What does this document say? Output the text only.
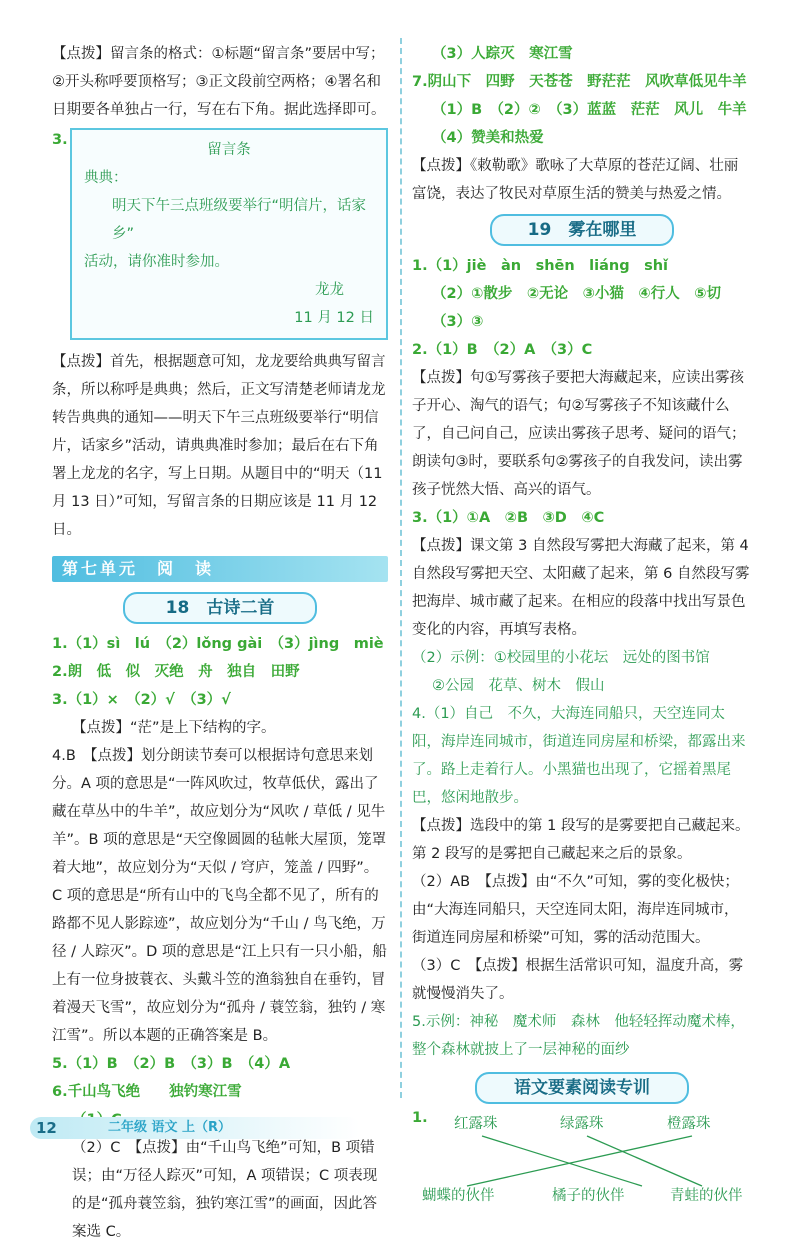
【点拨】留言条的格式：①标题“留言条”要居中写；②开头称呼要顶格写；③正文段前空两格；④署名和日期要各单独占一行，写在右下角。据此选择即可。

3.

留言条

典典：

明天下午三点班级要举行“明信片，话家乡”

活动，请你准时参加。

龙龙

11 月 12 日

【点拨】首先，根据题意可知，龙龙要给典典写留言条，所以称呼是典典；然后，正文写清楚老师请龙龙转告典典的通知——明天下午三点班级要举行“明信片，话家乡”活动，请典典准时参加；最后在右下角署上龙龙的名字，写上日期。从题目中的“明天（11 月 13 日）”可知，写留言条的日期应该是 11 月 12 日。

第七单元　阅　读
18　古诗二首

1.（1）sì　lú　（2）lǒng gài　（3）jìng　miè

2.朗　低　似　灭绝　舟　独自　田野

3.（1）×　（2）√　（3）√

【点拨】“茫”是上下结构的字。

4.B　【点拨】划分朗读节奏可以根据诗句意思来划分。A 项的意思是“一阵风吹过，牧草低伏，露出了藏在草丛中的牛羊”，故应划分为“风吹 / 草低 / 见牛羊”。B 项的意思是“天空像圆圆的毡帐大屋顶，笼罩着大地”，故应划分为“天似 / 穹庐，笼盖 / 四野”。C 项的意思是“所有山中的飞鸟全都不见了，所有的路都不见人影踪迹”，故应划分为“千山 / 鸟飞绝，万径 / 人踪灭”。D 项的意思是“江上只有一只小船，船上有一位身披蓑衣、头戴斗笠的渔翁独自在垂钓，冒着漫天飞雪”，故应划分为“孤舟 / 蓑笠翁，独钓 / 寒江雪”。所以本题的正确答案是 B。

5.（1）B　（2）B　（3）B　（4）A

6.千山鸟飞绝　　独钓寒江雪

（2）C　【点拨】由“千山鸟飞绝”可知，B 项错误；由“万径人踪灭”可知，A 项错误；C 项表现的是“孤舟蓑笠翁，独钓寒江雪”的画面，因此答案选 C。

（3）人踪灭　寒江雪

7.阴山下　四野　天苍苍　野茫茫　风吹草低见牛羊

（1）B　（2）②　（3）蓝蓝　茫茫　风儿　牛羊

（4）赞美和热爱

【点拨】《敕勒歌》歌咏了大草原的苍茫辽阔、壮丽富饶，表达了牧民对草原生活的赞美与热爱之情。

19　雾在哪里

1.（1）jiè　àn　shēn　liáng　shǐ

（2）①散步　②无论　③小猫　④行人　⑤切

（3）③

2.（1）B　（2）A　（3）C

【点拨】句①写雾孩子要把大海藏起来，应读出雾孩子开心、淘气的语气；句②写雾孩子不知该藏什么了，自己问自己，应读出雾孩子思考、疑问的语气；朗读句③时，要联系句②雾孩子的自我发问，读出雾孩子恍然大悟、高兴的语气。

3.（1）①A　②B　③D　④C

【点拨】课文第 3 自然段写雾把大海藏了起来，第 4 自然段写雾把天空、太阳藏了起来，第 6 自然段写雾把海岸、城市藏了起来。在相应的段落中找出写景色变化的内容，再填写表格。

（2）示例：①校园里的小花坛　远处的图书馆

②公园　花草、树木　假山

4.（1）自己　不久，大海连同船只，天空连同太阳，海岸连同城市，街道连同房屋和桥梁，都露出来了。路上走着行人。小黑猫也出现了，它摇着黑尾巴，悠闲地散步。

【点拨】选段中的第 1 段写的是雾要把自己藏起来。第 2 段写的是雾把自己藏起来之后的景象。

（2）AB　【点拨】由“不久”可知，雾的变化极快；由“大海连同船只，天空连同太阳，海岸连同城市，街道连同房屋和桥梁”可知，雾的活动范围大。

（3）C　【点拨】根据生活常识可知，温度升高，雾就慢慢消失了。

5.示例：神秘　魔术师　森林　他轻轻挥动魔术棒，整个森林就披上了一层神秘的面纱

语文要素阅读专训
1. 红露珠	绿露珠	橙露珠
蝴蝶的伙伴	橘子的伙伴	青蛙的伙伴
12	二年级 语文 上（R）
